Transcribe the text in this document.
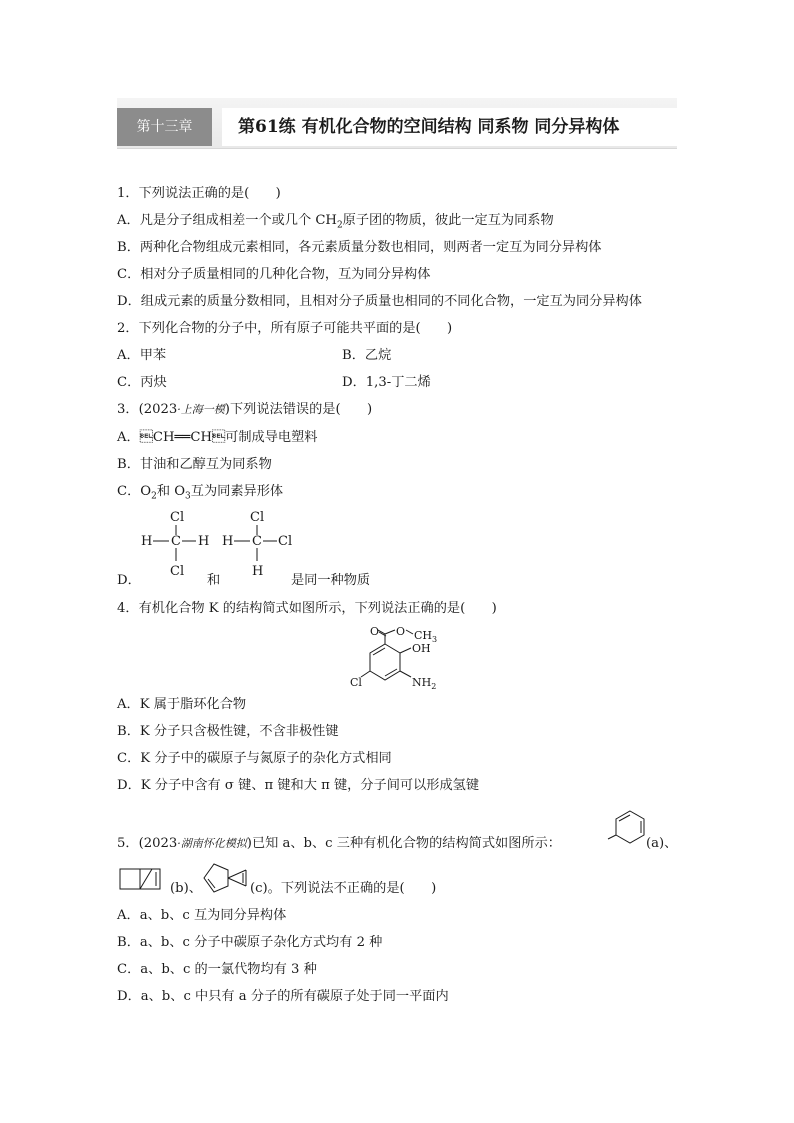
第十三章	第61练 有机化合物的空间结构 同系物 同分异构体
1．下列说法正确的是(　　)
A．凡是分子组成相差一个或几个 $CH_2$原子团的物质，彼此一定互为同系物
B．两种化合物组成元素相同，各元素质量分数也相同，则两者一定互为同分异构体
C．相对分子质量相同的几种化合物，互为同分异构体
D．组成元素的质量分数相同，且相对分子质量也相同的不同化合物，一定互为同分异构体
2．下列化合物的分子中，所有原子可能共平面的是(　　)
A．甲苯	B．乙烷
C．丙炔	D．1,3-丁二烯
3．(2023·上海一模)下列说法错误的是(　　)
A．CH══CH可制成导电塑料
B．甘油和乙醇互为同系物
C．$O_2$和 $O_3$互为同素异形体
Cl
H C H
Cl
Cl
H C Cl
H
D．	和	是同一种物质
4．有机化合物 K 的结构简式如图所示，下列说法正确的是(　　)
O O $CH_3$
OH
$NH_2$
Cl
A．K 属于脂环化合物
B．K 分子只含极性键，不含非极性键
C．K 分子中的碳原子与氮原子的杂化方式相同
D．K 分子中含有 σ 键、π 键和大 π 键，分子间可以形成氢键
5．(2023·湖南怀化模拟)已知 a、b、c 三种有机化合物的结构简式如图所示：	(a)、
(b)、	(c)。下列说法不正确的是(　　)
A．a、b、c 互为同分异构体
B．a、b、c 分子中碳原子杂化方式均有 2 种
C．a、b、c 的一氯代物均有 3 种
D．a、b、c 中只有 a 分子的所有碳原子处于同一平面内
